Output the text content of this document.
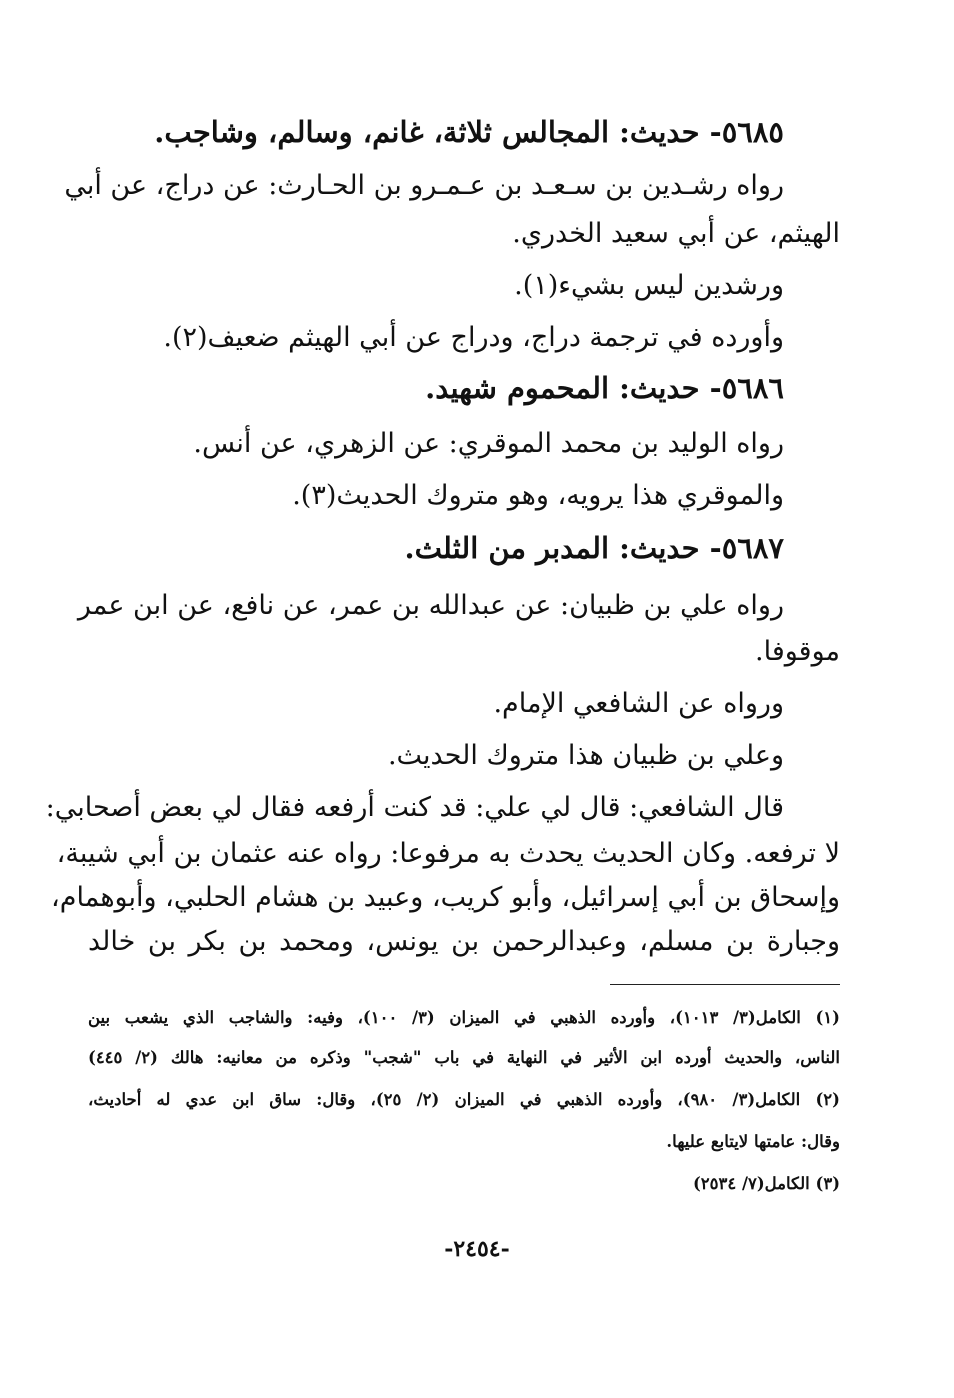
٥٦٨٥- حديث: المجالس ثلاثة، غانم، وسالم، وشاجب.
رواه رشـدين بن سـعـد بن عـمـرو بن الحـارث: عن دراج، عن أبي
الهيثم، عن أبي سعيد الخدري.
ورشدين ليس بشيء(١).
وأورده في ترجمة دراج، ودراج عن أبي الهيثم ضعيف(٢).
٥٦٨٦- حديث: المحموم شهيد.
رواه الوليد بن محمد الموقري: عن الزهري، عن أنس.
والموقري هذا يرويه، وهو متروك الحديث(٣).
٥٦٨٧- حديث: المدبر من الثلث.
رواه علي بن ظبيان: عن عبدالله بن عمر، عن نافع، عن ابن عمر
موقوفا.
ورواه عن الشافعي الإمام.
وعلي بن ظبيان هذا متروك الحديث.
قال الشافعي: قال لي علي: قد كنت أرفعه فقال لي بعض أصحابي:
لا ترفعه. وكان الحديث يحدث به مرفوعا: رواه عنه عثمان بن أبي شيبة،
وإسحاق بن أبي إسرائيل، وأبو كريب، وعبيد بن هشام الحلبي، وأبوهمام،
وجبارة بن مسلم، وعبدالرحمن بن يونس، ومحمد بن بكر بن خالد
(١) الكامل(٣/ ١٠١٣)، وأورده الذهبي في الميزان (٣/ ١٠٠)، وفيه: والشاجب الذي يشعب بين
الناس، والحديث أورده ابن الأثير في النهاية في باب "شجب" وذكره من معانيه: هالك (٢/ ٤٤٥)
(٢) الكامل(٣/ ٩٨٠)، وأورده الذهبي في الميزان (٢/ ٢٥)، وقال: ساق ابن عدي له أحاديث،
وقال: عامتها لايتابع عليها.
(٣) الكامل(٧/ ٢٥٣٤)
-٢٤٥٤-
